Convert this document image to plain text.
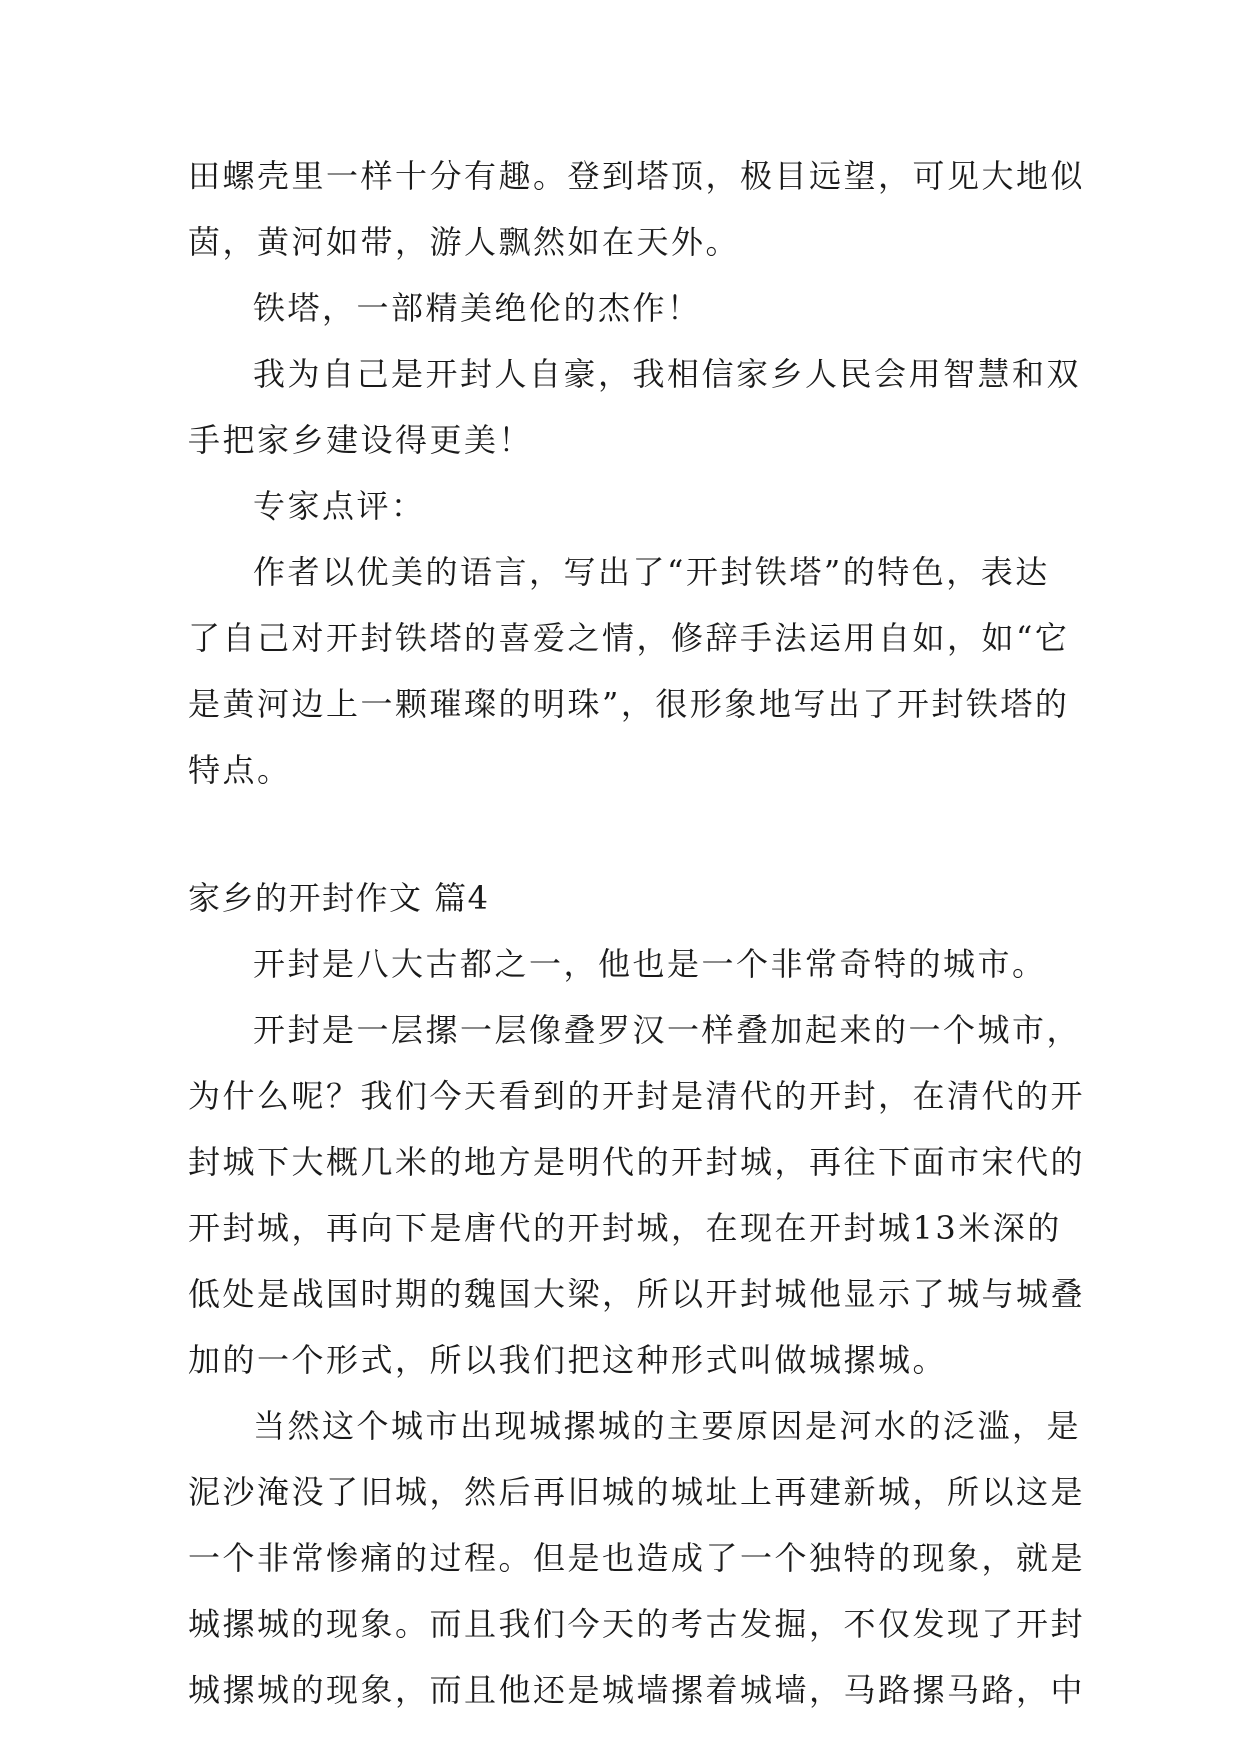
田螺壳里一样十分有趣。登到塔顶，极目远望，可见大地似
茵，黄河如带，游人飘然如在天外。
铁塔，一部精美绝伦的杰作！
我为自己是开封人自豪，我相信家乡人民会用智慧和双
手把家乡建设得更美！
专家点评：
作者以优美的语言，写出了“开封铁塔”的特色，表达
了自己对开封铁塔的喜爱之情，修辞手法运用自如，如“它
是黄河边上一颗璀璨的明珠”，很形象地写出了开封铁塔的
特点。
家乡的开封作文 篇4
开封是八大古都之一，他也是一个非常奇特的城市。
开封是一层摞一层像叠罗汉一样叠加起来的一个城市，
为什么呢？我们今天看到的开封是清代的开封，在清代的开
封城下大概几米的地方是明代的开封城，再往下面市宋代的
开封城，再向下是唐代的开封城，在现在开封城13米深的
低处是战国时期的魏国大梁，所以开封城他显示了城与城叠
加的一个形式，所以我们把这种形式叫做城摞城。
当然这个城市出现城摞城的主要原因是河水的泛滥，是
泥沙淹没了旧城，然后再旧城的城址上再建新城，所以这是
一个非常惨痛的过程。但是也造成了一个独特的现象，就是
城摞城的现象。而且我们今天的考古发掘，不仅发现了开封
城摞城的现象，而且他还是城墙摞着城墙，马路摞马路，中
